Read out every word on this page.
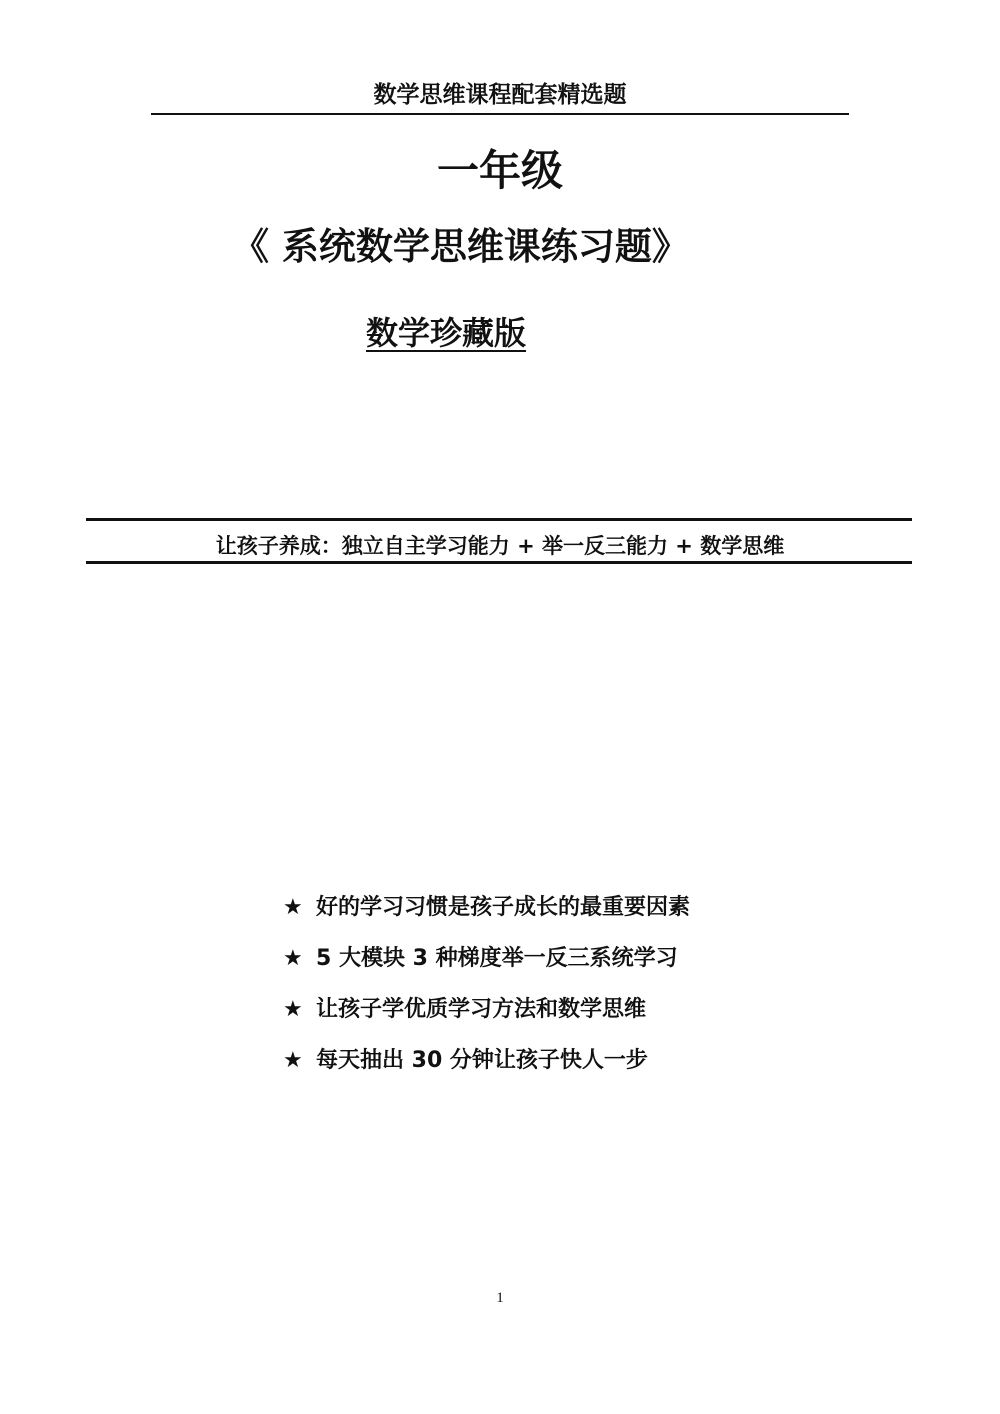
数学思维课程配套精选题
一年级
《 系统数学思维课练习题》
数学珍藏版
让孩子养成：独立自主学习能力 + 举一反三能力 + 数学思维
★ 好的学习习惯是孩子成长的最重要因素
★ 5 大模块 3 种梯度举一反三系统学习
★ 让孩子学优质学习方法和数学思维
★ 每天抽出 30 分钟让孩子快人一步
1
